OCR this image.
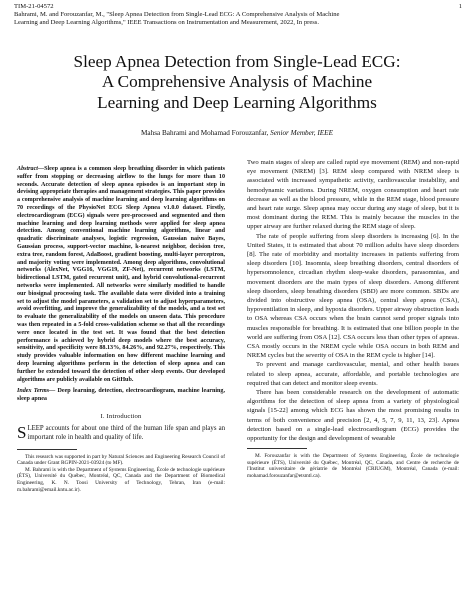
TIM-21-04572
Bahrami, M. and Forouzanfar, M., "Sleep Apnea Detection from Single-Lead ECG: A Comprehensive Analysis of Machine
Learning and Deep Learning Algorithms," IEEE Transactions on Instrumentation and Measurement, 2022, In press.
1
Sleep Apnea Detection from Single-Lead ECG:
A Comprehensive Analysis of Machine
Learning and Deep Learning Algorithms
Mahsa Bahrami and Mohamad Forouzanfar, Senior Member, IEEE
Abstract—Sleep apnea is a common sleep breathing disorder in which patients suffer from stopping or decreasing airflow to the lungs for more than 10 seconds. Accurate detection of sleep apnea episodes is an important step in devising appropriate therapies and management strategies. This paper provides a comprehensive analysis of machine learning and deep learning algorithms on 70 recordings of the PhysioNet ECG Sleep Apnea v1.0.0 dataset. Firstly, electrocardiogram (ECG) signals were pre-processed and segmented and then machine learning and deep learning methods were applied for sleep apnea detection. Among conventional machine learning algorithms, linear and quadratic discriminate analyses, logistic regression, Gaussian naive Bayes, Gaussian process, support-vector machine, k-nearest neighbor, decision tree, extra tree, random forest, AdaBoost, gradient boosting, multi-layer perceptron, and majority voting were implemented. Among deep algorithms, convolutional networks (AlexNet, VGG16, VGG19, ZF-Net), recurrent networks (LSTM, bidirectional LSTM, gated recurrent unit), and hybrid convolutional-recurrent networks were implemented. All networks were similarly modified to handle our biosignal processing task. The available data were divided into a training set to adjust the model parameters, a validation set to adjust hyperparameters, avoid overfitting, and improve the generalizability of the models, and a test set to evaluate the generalizability of the models on unseen data. This procedure was then repeated in a 5-fold cross-validation scheme so that all the recordings were once located in the test set. It was found that the best detection performance is achieved by hybrid deep models where the best accuracy, sensitivity, and specificity were 88.13%, 84.26%, and 92.27%, respectively. This study provides valuable information on how different machine learning and deep learning algorithms perform in the detection of sleep apnea and can further be extended toward the detection of other sleep events. Our developed algorithms are publicly available on GitHub.
Index Terms— Deep learning, detection, electrocardiogram, machine learning, sleep apnea
I. Introduction
SLEEP accounts for about one third of the human life span and plays an important role in health and quality of life.

This research was supported in part by Natural Sciences and Engineering Research Council of Canada under Grant RGPIN-2021-03924 (to MF).

M. Bahrami is with the Department of Systems Engineering, École de technologie supérieure (ÉTS), Université du Québec, Montréal, QC, Canada and the Department of Biomedical Engineering, K. N. Toosi University of Technology, Tehran, Iran (e-mail: m.bahrami@email.kntu.ac.ir).

Two main stages of sleep are called rapid eye movement (REM) and non-rapid eye movement (NREM) [3]. REM sleep compared with NREM sleep is associated with increased sympathetic activity, cardiovascular instability, and hemodynamic variations. During NREM, oxygen consumption and heart rate decrease as well as the blood pressure, while in the REM stage, blood pressure and heart rate surge. Sleep apnea may occur during any stage of sleep, but it is most dominant during the REM. This is mainly because the muscles in the upper airway are further relaxed during the REM stage of sleep.

The rate of people suffering from sleep disorders is increasing [6]. In the United States, it is estimated that about 70 million adults have sleep disorders [8]. The rate of morbidity and mortality increases in patients suffering from sleep disorders [10]. Insomnia, sleep breathing disorders, central disorders of hypersomnolence, circadian rhythm sleep-wake disorders, parasomnias, and movement disorders are the main types of sleep disorders. Among different sleep disorders, sleep breathing disorders (SBD) are more common. SBDs are divided into obstructive sleep apnea (OSA), central sleep apnea (CSA), hypoventilation in sleep, and hypoxia disorders. Upper airway obstruction leads to OSA whereas CSA occurs when the brain cannot send proper signals into muscles responsible for breathing. It is estimated that one billion people in the world are suffering from OSA [12]. CSA occurs less than other types of apneas. CSA mostly occurs in the NREM cycle while OSA occurs in both REM and NREM cycles but the severity of OSA in the REM cycle is higher [14].

To prevent and manage cardiovascular, mental, and other health issues related to sleep apnea, accurate, affordable, and portable technologies are required that can detect and monitor sleep events.

There has been considerable research on the development of automatic algorithms for the detection of sleep apnea from a variety of physiological signals [15-22] among which ECG has shown the most promising results in terms of both convenience and precision [2, 4, 5, 7, 9, 11, 13, 23]. Apnea detection based on a single-lead electrocardiogram (ECG) provides the opportunity for the design and development of wearable

M. Forouzanfar is with the Department of Systems Engineering, École de technologie supérieure (ÉTS), Université du Québec, Montréal, QC, Canada, and Centre de recherche de l'Institut universitaire de gériatrie de Montréal (CRIUGM), Montréal, Canada (e-mail: mohamad.forouzanfar@etsmtl.ca).
